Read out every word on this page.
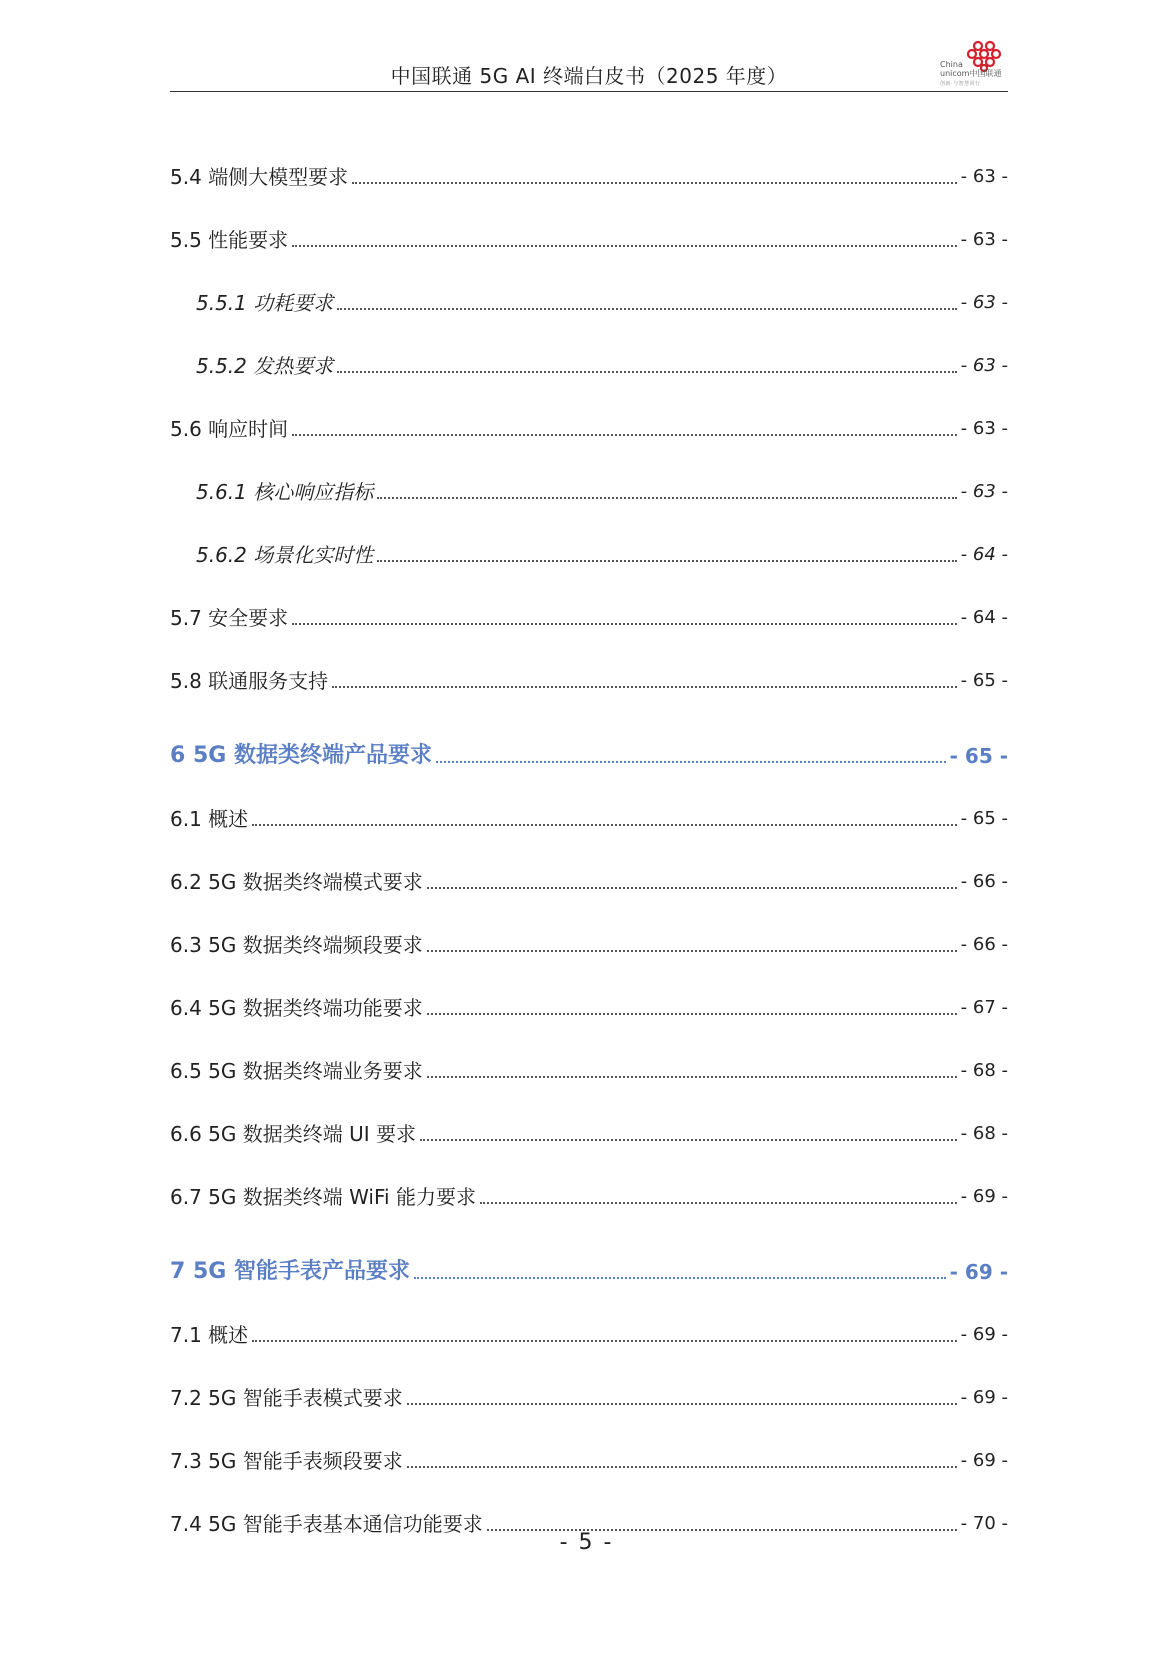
中国联通 5G AI 终端白皮书（2025 年度）	China
unicom中国联通
创新·与智慧同行
5.4 端侧大模型要求	- 63 -
5.5 性能要求	- 63 -
5.5.1 功耗要求	- 63 -
5.5.2 发热要求	- 63 -
5.6 响应时间	- 63 -
5.6.1 核心响应指标	- 63 -
5.6.2 场景化实时性	- 64 -
5.7 安全要求	- 64 -
5.8 联通服务支持	- 65 -
6 5G 数据类终端产品要求	- 65 -
6.1 概述	- 65 -
6.2 5G 数据类终端模式要求	- 66 -
6.3 5G 数据类终端频段要求	- 66 -
6.4 5G 数据类终端功能要求	- 67 -
6.5 5G 数据类终端业务要求	- 68 -
6.6 5G 数据类终端 UI 要求	- 68 -
6.7 5G 数据类终端 WiFi 能力要求	- 69 -
7 5G 智能手表产品要求	- 69 -
7.1 概述	- 69 -
7.2 5G 智能手表模式要求	- 69 -
7.3 5G 智能手表频段要求	- 69 -
7.4 5G 智能手表基本通信功能要求	- 70 -
- 5 -
